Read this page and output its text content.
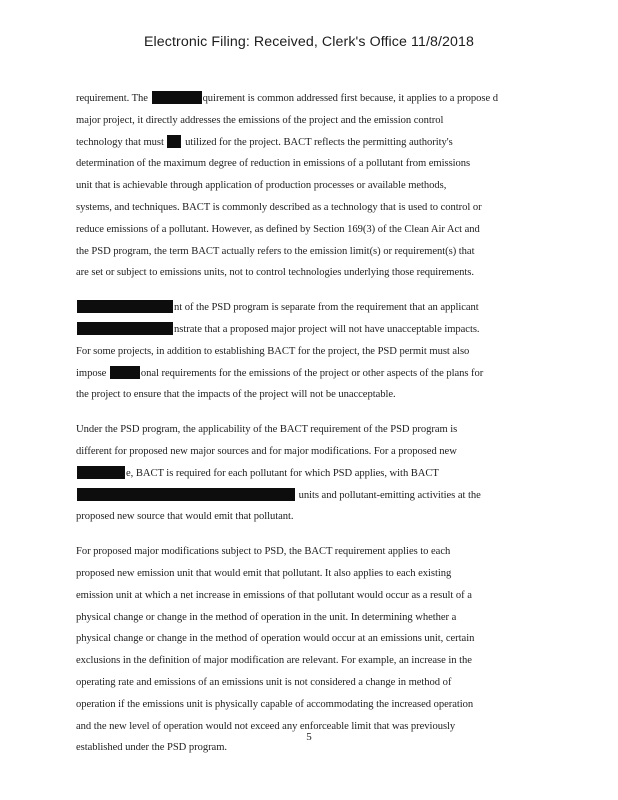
Electronic Filing: Received, Clerk's Office 11/8/2018
requirement. The	quirement is common addressed first because, it applies to a propose d
major project, it directly addresses the emissions of the project and the emission control
technology that must  utilized for the project. BACT reflects the permitting authority's
determination of the maximum degree of reduction in emissions of a pollutant from emissions
unit that is achievable through application of production processes or available methods,
systems, and techniques. BACT is commonly described as a technology that is used to control or
reduce emissions of a pollutant. However, as defined by Section 169(3) of the Clean Air Act and
the PSD program, the term BACT actually refers to the emission limit(s) or requirement(s) that
are set or subject to emissions units, not to control technologies underlying those requirements.
nt of the PSD program is separate from the requirement that an applicant
nstrate that a proposed major project will not have unacceptable impacts.
For some projects, in addition to establishing BACT for the project, the PSD permit must also
impose	onal requirements for the emissions of the project or other aspects of the plans for
the project to ensure that the impacts of the project will not be unacceptable.
Under the PSD program, the applicability of the BACT requirement of the PSD program is
different for proposed new major sources and for major modifications. For a proposed new
e, BACT is required for each pollutant for which PSD applies, with BACT
units and pollutant-emitting activities at the
proposed new source that would emit that pollutant.
For proposed major modifications subject to PSD, the BACT requirement applies to each
proposed new emission unit that would emit that pollutant. It also applies to each existing
emission unit at which a net increase in emissions of that pollutant would occur as a result of a
physical change or change in the method of operation in the unit. In determining whether a
physical change or change in the method of operation would occur at an emissions unit, certain
exclusions in the definition of major modification are relevant. For example, an increase in the
operating rate and emissions of an emissions unit is not considered a change in method of
operation if the emissions unit is physically capable of accommodating the increased operation
and the new level of operation would not exceed any enforceable limit that was previously
established under the PSD program.
5
